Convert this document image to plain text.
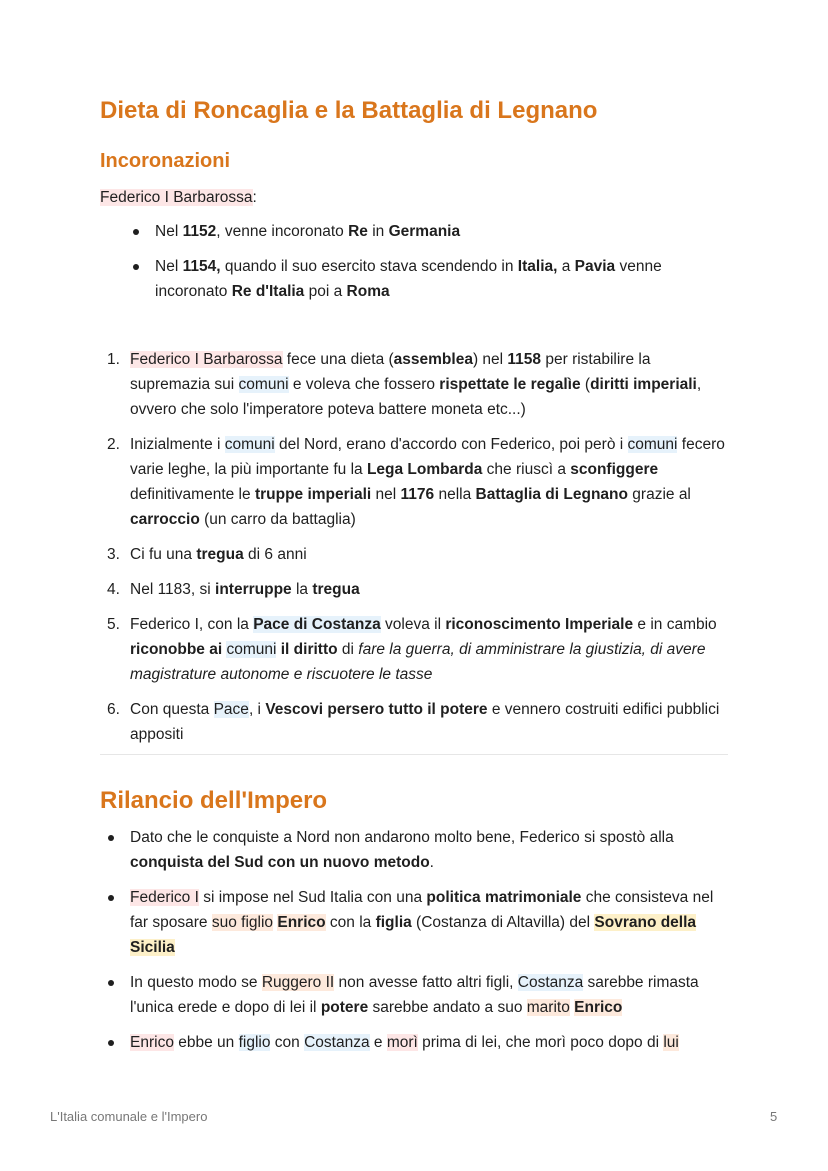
Dieta di Roncaglia e la Battaglia di Legnano
Incoronazioni
Federico I Barbarossa:
Nel 1152, venne incoronato Re in Germania
Nel 1154, quando il suo esercito stava scendendo in Italia, a Pavia venne incoronato Re d'Italia poi a Roma
1. Federico I Barbarossa fece una dieta (assemblea) nel 1158 per ristabilire la supremazia sui comuni e voleva che fossero rispettate le regalìe (diritti imperiali, ovvero che solo l'imperatore poteva battere moneta etc...)
2. Inizialmente i comuni del Nord, erano d'accordo con Federico, poi però i comuni fecero varie leghe, la più importante fu la Lega Lombarda che riuscì a sconfiggere definitivamente le truppe imperiali nel 1176 nella Battaglia di Legnano grazie al carroccio (un carro da battaglia)
3. Ci fu una tregua di 6 anni
4. Nel 1183, si interruppe la tregua
5. Federico I, con la Pace di Costanza voleva il riconoscimento Imperiale e in cambio riconobbe ai comuni il diritto di fare la guerra, di amministrare la giustizia, di avere magistrature autonome e riscuotere le tasse
6. Con questa Pace, i Vescovi persero tutto il potere e vennero costruiti edifici pubblici appositi
Rilancio dell'Impero
Dato che le conquiste a Nord non andarono molto bene, Federico si spostò alla conquista del Sud con un nuovo metodo.
Federico I si impose nel Sud Italia con una politica matrimoniale che consisteva nel far sposare suo figlio Enrico con la figlia (Costanza di Altavilla) del Sovrano della Sicilia
In questo modo se Ruggero II non avesse fatto altri figli, Costanza sarebbe rimasta l'unica erede e dopo di lei il potere sarebbe andato a suo marito Enrico
Enrico ebbe un figlio con Costanza e morì prima di lei, che morì poco dopo di lui
L'Italia comunale e l'Impero	5
